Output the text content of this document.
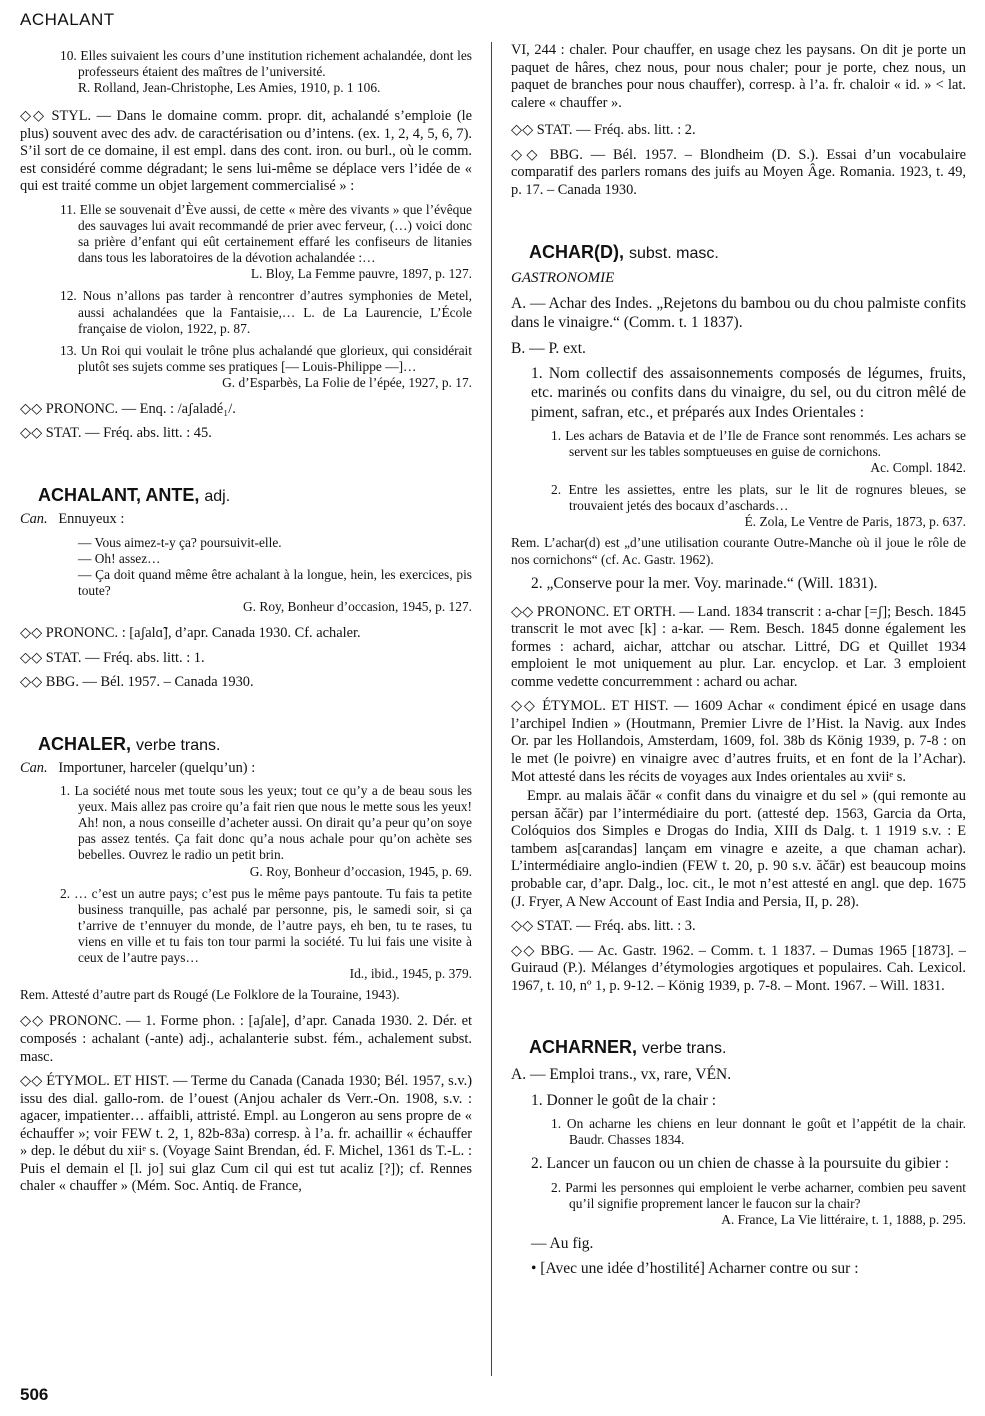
ACHALANT

10. Elles suivaient les cours d’une institution richement achalandée, dont les professeurs étaient des maîtres de l’université.

R. Rolland, Jean-Christophe, Les Amies, 1910, p. 1 106.

◇◇ STYL. — Dans le domaine comm. propr. dit, achalandé s’emploie (le plus) souvent avec des adv. de caractérisation ou d’intens. (ex. 1, 2, 4, 5, 6, 7). S’il sort de ce domaine, il est empl. dans des cont. iron. ou burl., où le comm. est considéré comme dégradant; le sens lui-même se déplace vers l’idée de « qui est traité comme un objet largement commercialisé » :

11. Elle se souvenait d’Ève aussi, de cette « mère des vivants » que l’évêque des sauvages lui avait recommandé de prier avec ferveur, (…) voici donc sa prière d’enfant qui eût certainement effaré les confiseurs de litanies dans tous les laboratoires de la dévotion achalandée :…

L. Bloy, La Femme pauvre, 1897, p. 127.

12. Nous n’allons pas tarder à rencontrer d’autres symphonies de Metel, aussi achalandées que la Fantaisie,… L. de La Laurencie, L’École française de violon, 1922, p. 87.

13. Un Roi qui voulait le trône plus achalandé que glorieux, qui considérait plutôt ses sujets comme ses pratiques [— Louis-Philippe —]…

G. d’Esparbès, La Folie de l’épée, 1927, p. 17.

◇◇ PRONONC. — Enq. : /aʃaladé₁/.

◇◇ STAT. — Fréq. abs. litt. : 45.

ACHALANT, ANTE, adj.

Can. Ennuyeux :

— Vous aimez-t-y ça? poursuivit-elle.

— Oh! assez…

— Ça doit quand même être achalant à la longue, hein, les exercices, pis toute?

G. Roy, Bonheur d’occasion, 1945, p. 127.

◇◇ PRONONC. : [aʃalɑ̃], d’apr. Canada 1930. Cf. achaler.

◇◇ STAT. — Fréq. abs. litt. : 1.

◇◇ BBG. — Bél. 1957. – Canada 1930.

ACHALER, verbe trans.

Can. Importuner, harceler (quelqu’un) :

1. La société nous met toute sous les yeux; tout ce qu’y a de beau sous les yeux. Mais allez pas croire qu’a fait rien que nous le mette sous les yeux! Ah! non, a nous conseille d’acheter aussi. On dirait qu’a peur qu’on soye pas assez tentés. Ça fait donc qu’a nous achale pour qu’on achète ses bebelles. Ouvrez le radio un petit brin.

G. Roy, Bonheur d’occasion, 1945, p. 69.

2. … c’est un autre pays; c’est pus le même pays pantoute. Tu fais ta petite business tranquille, pas achalé par personne, pis, le samedi soir, si ça t’arrive de t’ennuyer du monde, de l’autre pays, eh ben, tu te rases, tu viens en ville et tu fais ton tour parmi la société. Tu lui fais une visite à ceux de l’autre pays…

Id., ibid., 1945, p. 379.

Rem. Attesté d’autre part ds Rougé (Le Folklore de la Touraine, 1943).

◇◇ PRONONC. — 1. Forme phon. : [aʃale], d’apr. Canada 1930. 2. Dér. et composés : achalant (-ante) adj., achalanterie subst. fém., achalement subst. masc.

◇◇ ÉTYMOL. ET HIST. — Terme du Canada (Canada 1930; Bél. 1957, s.v.) issu des dial. gallo-rom. de l’ouest (Anjou achaler ds Verr.-On. 1908, s.v. : agacer, impatienter… affaibli, attristé. Empl. au Longeron au sens propre de « échauffer »; voir FEW t. 2, 1, 82b-83a) corresp. à l’a. fr. achaillir « échauffer » dep. le début du xiiᵉ s. (Voyage Saint Brendan, éd. F. Michel, 1361 ds T.-L. : Puis el demain el [l. jo] sui glaz Cum cil qui est tut acaliz [?]); cf. Rennes chaler « chauffer » (Mém. Soc. Antiq. de France,

VI, 244 : chaler. Pour chauffer, en usage chez les paysans. On dit je porte un paquet de hâres, chez nous, pour nous chaler; pour je porte, chez nous, un paquet de branches pour nous chauffer), corresp. à l’a. fr. chaloir « id. » < lat. calere « chauffer ».

◇◇ STAT. — Fréq. abs. litt. : 2.

◇◇ BBG. — Bél. 1957. – Blondheim (D. S.). Essai d’un vocabulaire comparatif des parlers romans des juifs au Moyen Âge. Romania. 1923, t. 49, p. 17. – Canada 1930.

ACHAR(D), subst. masc.

GASTRONOMIE

A. — Achar des Indes. „Rejetons du bambou ou du chou palmiste confits dans le vinaigre.“ (Comm. t. 1 1837).

B. — P. ext.

1. Nom collectif des assaisonnements composés de légumes, fruits, etc. marinés ou confits dans du vinaigre, du sel, ou du citron mêlé de piment, safran, etc., et préparés aux Indes Orientales :

1. Les achars de Batavia et de l’Ile de France sont renommés. Les achars se servent sur les tables somptueuses en guise de cornichons.

Ac. Compl. 1842.

2. Entre les assiettes, entre les plats, sur le lit de rognures bleues, se trouvaient jetés des bocaux d’aschards…

É. Zola, Le Ventre de Paris, 1873, p. 637.

Rem. L’achar(d) est „d’une utilisation courante Outre-Manche où il joue le rôle de nos cornichons“ (cf. Ac. Gastr. 1962).

2. „Conserve pour la mer. Voy. marinade.“ (Will. 1831).

◇◇ PRONONC. ET ORTH. — Land. 1834 transcrit : a-char [=ʃ]; Besch. 1845 transcrit le mot avec [k] : a-kar. — Rem. Besch. 1845 donne également les formes : achard, aichar, attchar ou atschar. Littré, DG et Quillet 1934 emploient le mot uniquement au plur. Lar. encyclop. et Lar. 3 emploient comme vedette concurremment : achard ou achar.

◇◇ ÉTYMOL. ET HIST. — 1609 Achar « condiment épicé en usage dans l’archipel Indien » (Houtmann, Premier Livre de l’Hist. la Navig. aux Indes Or. par les Hollandois, Amsterdam, 1609, fol. 38b ds König 1939, p. 7-8 : on le met (le poivre) en vinaigre avec d’autres fruits, et en font de la l’Achar). Mot attesté dans les récits de voyages aux Indes orientales au xviiᵉ s.

Empr. au malais ăčār « confit dans du vinaigre et du sel » (qui remonte au persan ăčār) par l’intermédiaire du port. (attesté dep. 1563, Garcia da Orta, Colóquios dos Simples e Drogas do India, XIII ds Dalg. t. 1 1919 s.v. : E tambem as[carandas] lançam em vinagre e azeite, a que chaman achar). L’intermédiaire anglo-indien (FEW t. 20, p. 90 s.v. ăčār) est beaucoup moins probable car, d’apr. Dalg., loc. cit., le mot n’est attesté en angl. que dep. 1675 (J. Fryer, A New Account of East India and Persia, II, p. 28).

◇◇ STAT. — Fréq. abs. litt. : 3.

◇◇ BBG. — Ac. Gastr. 1962. – Comm. t. 1 1837. – Dumas 1965 [1873]. – Guiraud (P.). Mélanges d’étymologies argotiques et populaires. Cah. Lexicol. 1967, t. 10, nº 1, p. 9-12. – König 1939, p. 7-8. – Mont. 1967. – Will. 1831.

ACHARNER, verbe trans.

A. — Emploi trans., vx, rare, VÉN.

1. Donner le goût de la chair :

1. On acharne les chiens en leur donnant le goût et l’appétit de la chair. Baudr. Chasses 1834.

2. Lancer un faucon ou un chien de chasse à la poursuite du gibier :

2. Parmi les personnes qui emploient le verbe acharner, combien peu savent qu’il signifie proprement lancer le faucon sur la chair?

A. France, La Vie littéraire, t. 1, 1888, p. 295.

— Au fig.

• [Avec une idée d’hostilité] Acharner contre ou sur :

506
